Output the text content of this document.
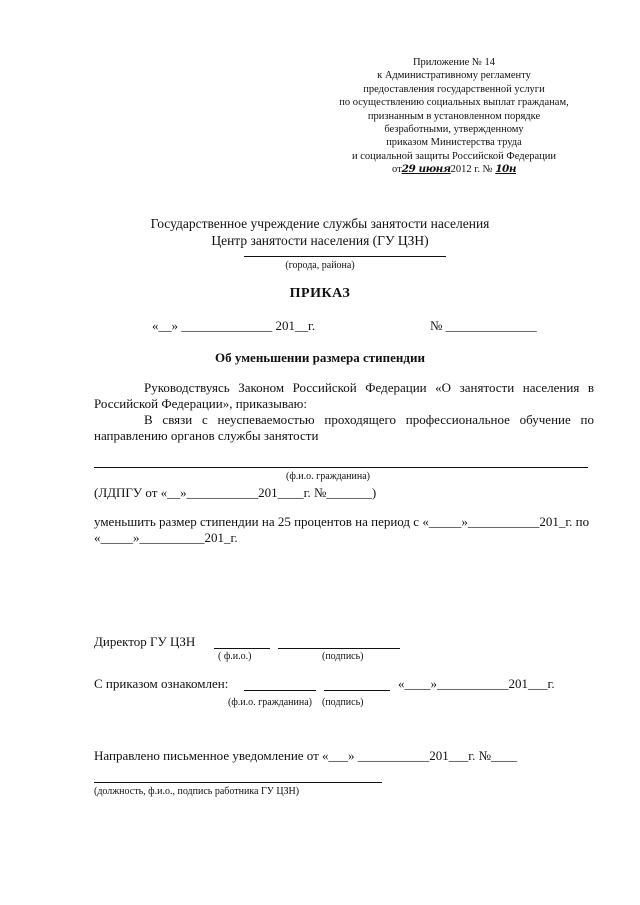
Приложение № 14
к Административному регламенту
предоставления государственной услуги
по осуществлению социальных выплат гражданам,
признанным в установленном порядке
безработными, утвержденному
приказом Министерства труда
и социальной защиты Российской Федерации
от29 июня2012 г. № 10н
Государственное учреждение службы занятости населения
Центр занятости населения (ГУ ЦЗН)
(города, района)
ПРИКАЗ
«__» ______________ 201__г.	№ ______________
Об уменьшении размера стипендии
Руководствуясь Законом Российской Федерации «О занятости населения в
Российской Федерации», приказываю:
В связи с неуспеваемостью проходящего профессиональное обучение по
направлению органов службы занятости
(ф.и.о. гражданина)
(ЛДПГУ от «__»___________201____г. №_______)
уменьшить размер стипендии на 25 процентов на период с «_____»___________201_г. по
«_____»__________201_г.
Директор ГУ ЦЗН
( ф.и.о.)	(подпись)
С приказом ознакомлен:	«____»___________201___г.
(ф.и.о. гражданина)    (подпись)
Направлено письменное уведомление от «___» ___________201___г. №____
(должность, ф.и.о., подпись работника ГУ ЦЗН)
